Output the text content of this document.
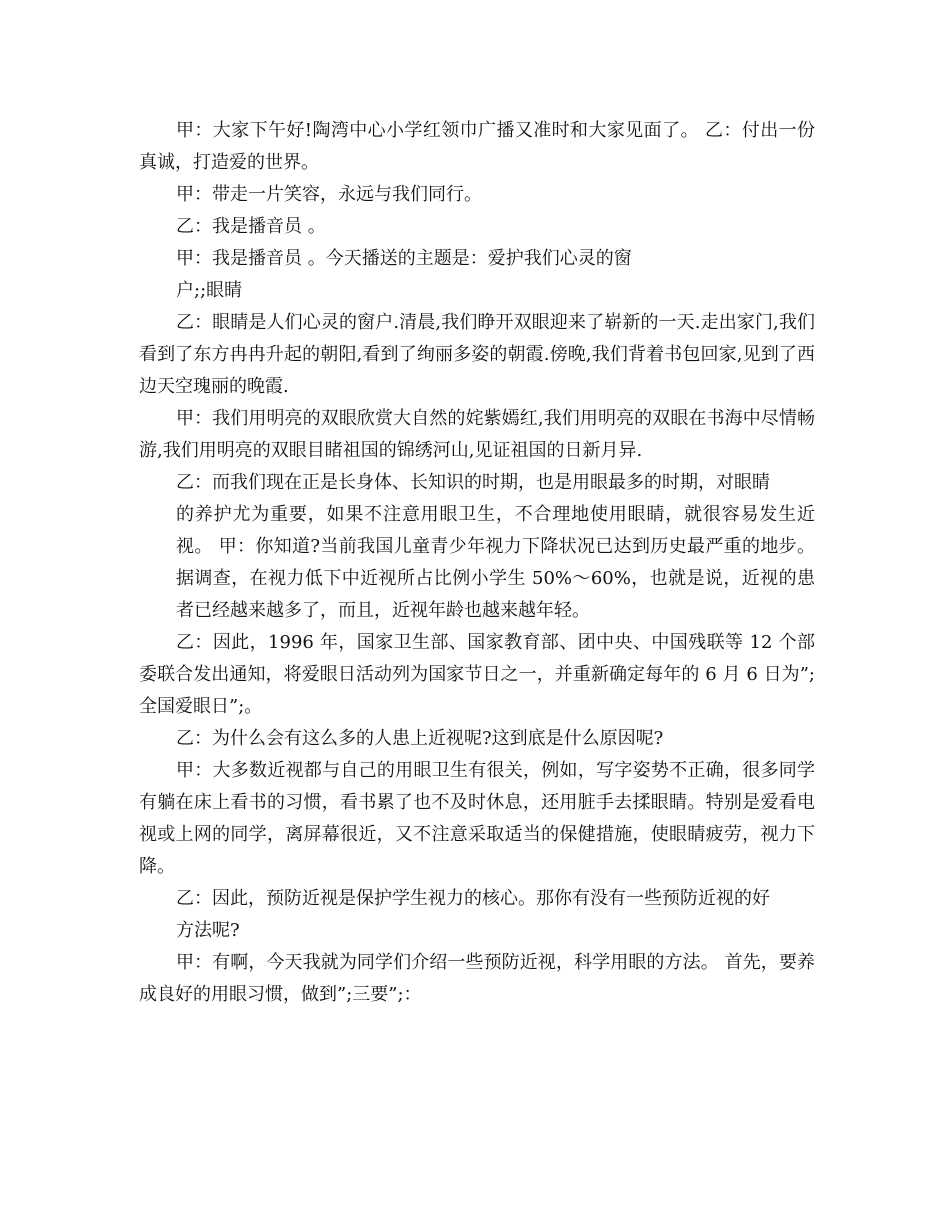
甲：大家下午好!陶湾中心小学红领巾广播又准时和大家见面了。 乙：付出一份真诚，打造爱的世界。

甲：带走一片笑容，永远与我们同行。

乙：我是播音员 。

甲：我是播音员 。今天播送的主题是：爱护我们心灵的窗

户;;眼睛

乙：眼睛是人们心灵的窗户.清晨,我们睁开双眼迎来了崭新的一天.走出家门,我们看到了东方冉冉升起的朝阳,看到了绚丽多姿的朝霞.傍晚,我们背着书包回家,见到了西边天空瑰丽的晚霞.

甲：我们用明亮的双眼欣赏大自然的姹紫嫣红,我们用明亮的双眼在书海中尽情畅游,我们用明亮的双眼目睹祖国的锦绣河山,见证祖国的日新月异.

乙：而我们现在正是长身体、长知识的时期，也是用眼最多的时期，对眼睛

的养护尤为重要，如果不注意用眼卫生，不合理地使用眼睛，就很容易发生近视。 甲：你知道?当前我国儿童青少年视力下降状况已达到历史最严重的地步。据调查，在视力低下中近视所占比例小学生 50%～60%，也就是说，近视的患者已经越来越多了，而且，近视年龄也越来越年轻。

乙：因此，1996 年，国家卫生部、国家教育部、团中央、中国残联等 12 个部委联合发出通知，将爱眼日活动列为国家节日之一，并重新确定每年的 6 月 6 日为”;全国爱眼日”;。

乙：为什么会有这么多的人患上近视呢?这到底是什么原因呢?

甲：大多数近视都与自己的用眼卫生有很关，例如，写字姿势不正确，很多同学有躺在床上看书的习惯，看书累了也不及时休息，还用脏手去揉眼睛。特别是爱看电视或上网的同学，离屏幕很近，又不注意采取适当的保健措施，使眼睛疲劳，视力下降。

乙：因此，预防近视是保护学生视力的核心。那你有没有一些预防近视的好

方法呢?

甲：有啊，今天我就为同学们介绍一些预防近视，科学用眼的方法。 首先，要养成良好的用眼习惯，做到”;三要”;：
